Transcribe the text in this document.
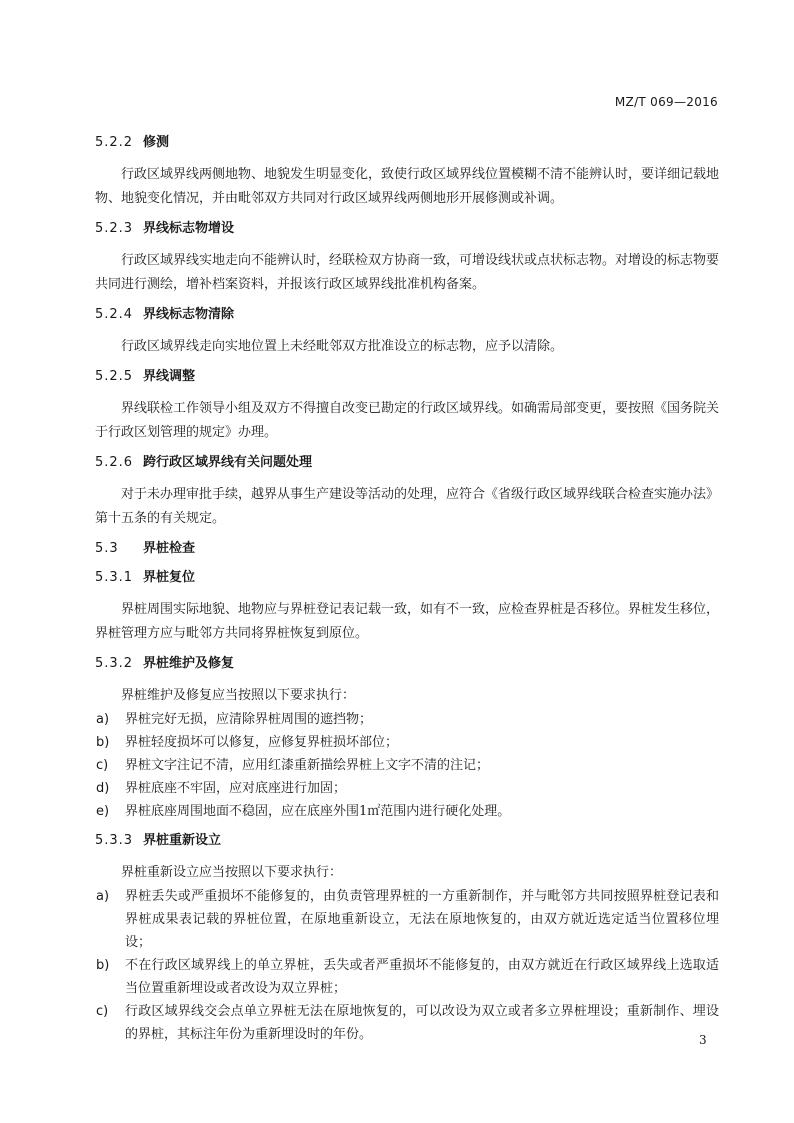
MZ/T 069—2016
5.2.2 修测

行政区域界线两侧地物、地貌发生明显变化，致使行政区域界线位置模糊不清不能辨认时，要详细记载地物、地貌变化情况，并由毗邻双方共同对行政区域界线两侧地形开展修测或补调。

5.2.3 界线标志物增设

行政区域界线实地走向不能辨认时，经联检双方协商一致，可增设线状或点状标志物。对增设的标志物要共同进行测绘，增补档案资料，并报该行政区域界线批准机构备案。

5.2.4 界线标志物清除

行政区域界线走向实地位置上未经毗邻双方批准设立的标志物，应予以清除。

5.2.5 界线调整

界线联检工作领导小组及双方不得擅自改变已勘定的行政区域界线。如确需局部变更，要按照《国务院关于行政区划管理的规定》办理。

5.2.6 跨行政区域界线有关问题处理

对于未办理审批手续，越界从事生产建设等活动的处理，应符合《省级行政区域界线联合检查实施办法》第十五条的有关规定。

5.3 界桩检查
5.3.1 界桩复位

界桩周围实际地貌、地物应与界桩登记表记载一致，如有不一致，应检查界桩是否移位。界桩发生移位，界桩管理方应与毗邻方共同将界桩恢复到原位。

5.3.2 界桩维护及修复

界桩维护及修复应当按照以下要求执行：

a) 界桩完好无损，应清除界桩周围的遮挡物；
b) 界桩轻度损坏可以修复，应修复界桩损坏部位；
c) 界桩文字注记不清，应用红漆重新描绘界桩上文字不清的注记；
d) 界桩底座不牢固，应对底座进行加固；
e) 界桩底座周围地面不稳固，应在底座外围1㎡范围内进行硬化处理。
5.3.3 界桩重新设立

界桩重新设立应当按照以下要求执行：

a) 界桩丢失或严重损坏不能修复的，由负责管理界桩的一方重新制作，并与毗邻方共同按照界桩登记表和界桩成果表记载的界桩位置，在原地重新设立，无法在原地恢复的，由双方就近选定适当位置移位埋设；
b) 不在行政区域界线上的单立界桩，丢失或者严重损坏不能修复的，由双方就近在行政区域界线上选取适当位置重新埋设或者改设为双立界桩；
c) 行政区域界线交会点单立界桩无法在原地恢复的，可以改设为双立或者多立界桩埋设；重新制作、埋设的界桩，其标注年份为重新埋设时的年份。	3
